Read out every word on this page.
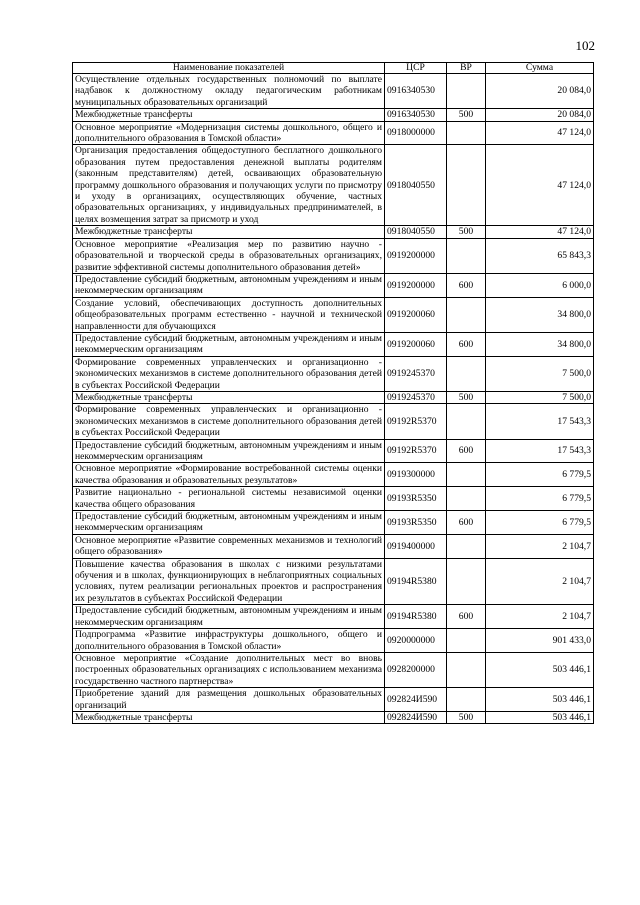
102
Наименование показателей	ЦСР	ВР	Сумма
Осуществление отдельных государственных полномочий по выплате надбавок к должностному окладу педагогическим работникам муниципальных образовательных организаций	0916340530		20 084,0
Межбюджетные трансферты	0916340530	500	20 084,0
Основное мероприятие «Модернизация системы дошкольного, общего и дополнительного образования в Томской области»	0918000000		47 124,0
Организация предоставления общедоступного бесплатного дошкольного образования путем предоставления денежной выплаты родителям (законным представителям) детей, осваивающих образовательную программу дошкольного образования и получающих услуги по присмотру и уходу в организациях, осуществляющих обучение, частных образовательных организациях, у индивидуальных предпринимателей, в целях возмещения затрат за присмотр и уход	0918040550		47 124,0
Межбюджетные трансферты	0918040550	500	47 124,0
Основное мероприятие «Реализация мер по развитию научно - образовательной и творческой среды в образовательных организациях, развитие эффективной системы дополнительного образования детей»	0919200000		65 843,3
Предоставление субсидий бюджетным, автономным учреждениям и иным некоммерческим организациям	0919200000	600	6 000,0
Создание условий, обеспечивающих доступность дополнительных общеобразовательных программ естественно - научной и технической направленности для обучающихся	0919200060		34 800,0
Предоставление субсидий бюджетным, автономным учреждениям и иным некоммерческим организациям	0919200060	600	34 800,0
Формирование современных управленческих и организационно - экономических механизмов в системе дополнительного образования детей в субъектах Российской Федерации	0919245370		7 500,0
Межбюджетные трансферты	0919245370	500	7 500,0
Формирование современных управленческих и организационно - экономических механизмов в системе дополнительного образования детей в субъектах Российской Федерации	09192R5370		17 543,3
Предоставление субсидий бюджетным, автономным учреждениям и иным некоммерческим организациям	09192R5370	600	17 543,3
Основное мероприятие «Формирование востребованной системы оценки качества образования и образовательных результатов»	0919300000		6 779,5
Развитие национально - региональной системы независимой оценки качества общего образования	09193R5350		6 779,5
Предоставление субсидий бюджетным, автономным учреждениям и иным некоммерческим организациям	09193R5350	600	6 779,5
Основное мероприятие «Развитие современных механизмов и технологий общего образования»	0919400000		2 104,7
Повышение качества образования в школах с низкими результатами обучения и в школах, функционирующих в неблагоприятных социальных условиях, путем реализации региональных проектов и распространения их результатов в субъектах Российской Федерации	09194R5380		2 104,7
Предоставление субсидий бюджетным, автономным учреждениям и иным некоммерческим организациям	09194R5380	600	2 104,7
Подпрограмма «Развитие инфраструктуры дошкольного, общего и дополнительного образования в Томской области»	0920000000		901 433,0
Основное мероприятие «Создание дополнительных мест во вновь построенных образовательных организациях с использованием механизма государственно частного партнерства»	0928200000		503 446,1
Приобретение зданий для размещения дошкольных образовательных организаций	092824И590		503 446,1
Межбюджетные трансферты	092824И590	500	503 446,1
